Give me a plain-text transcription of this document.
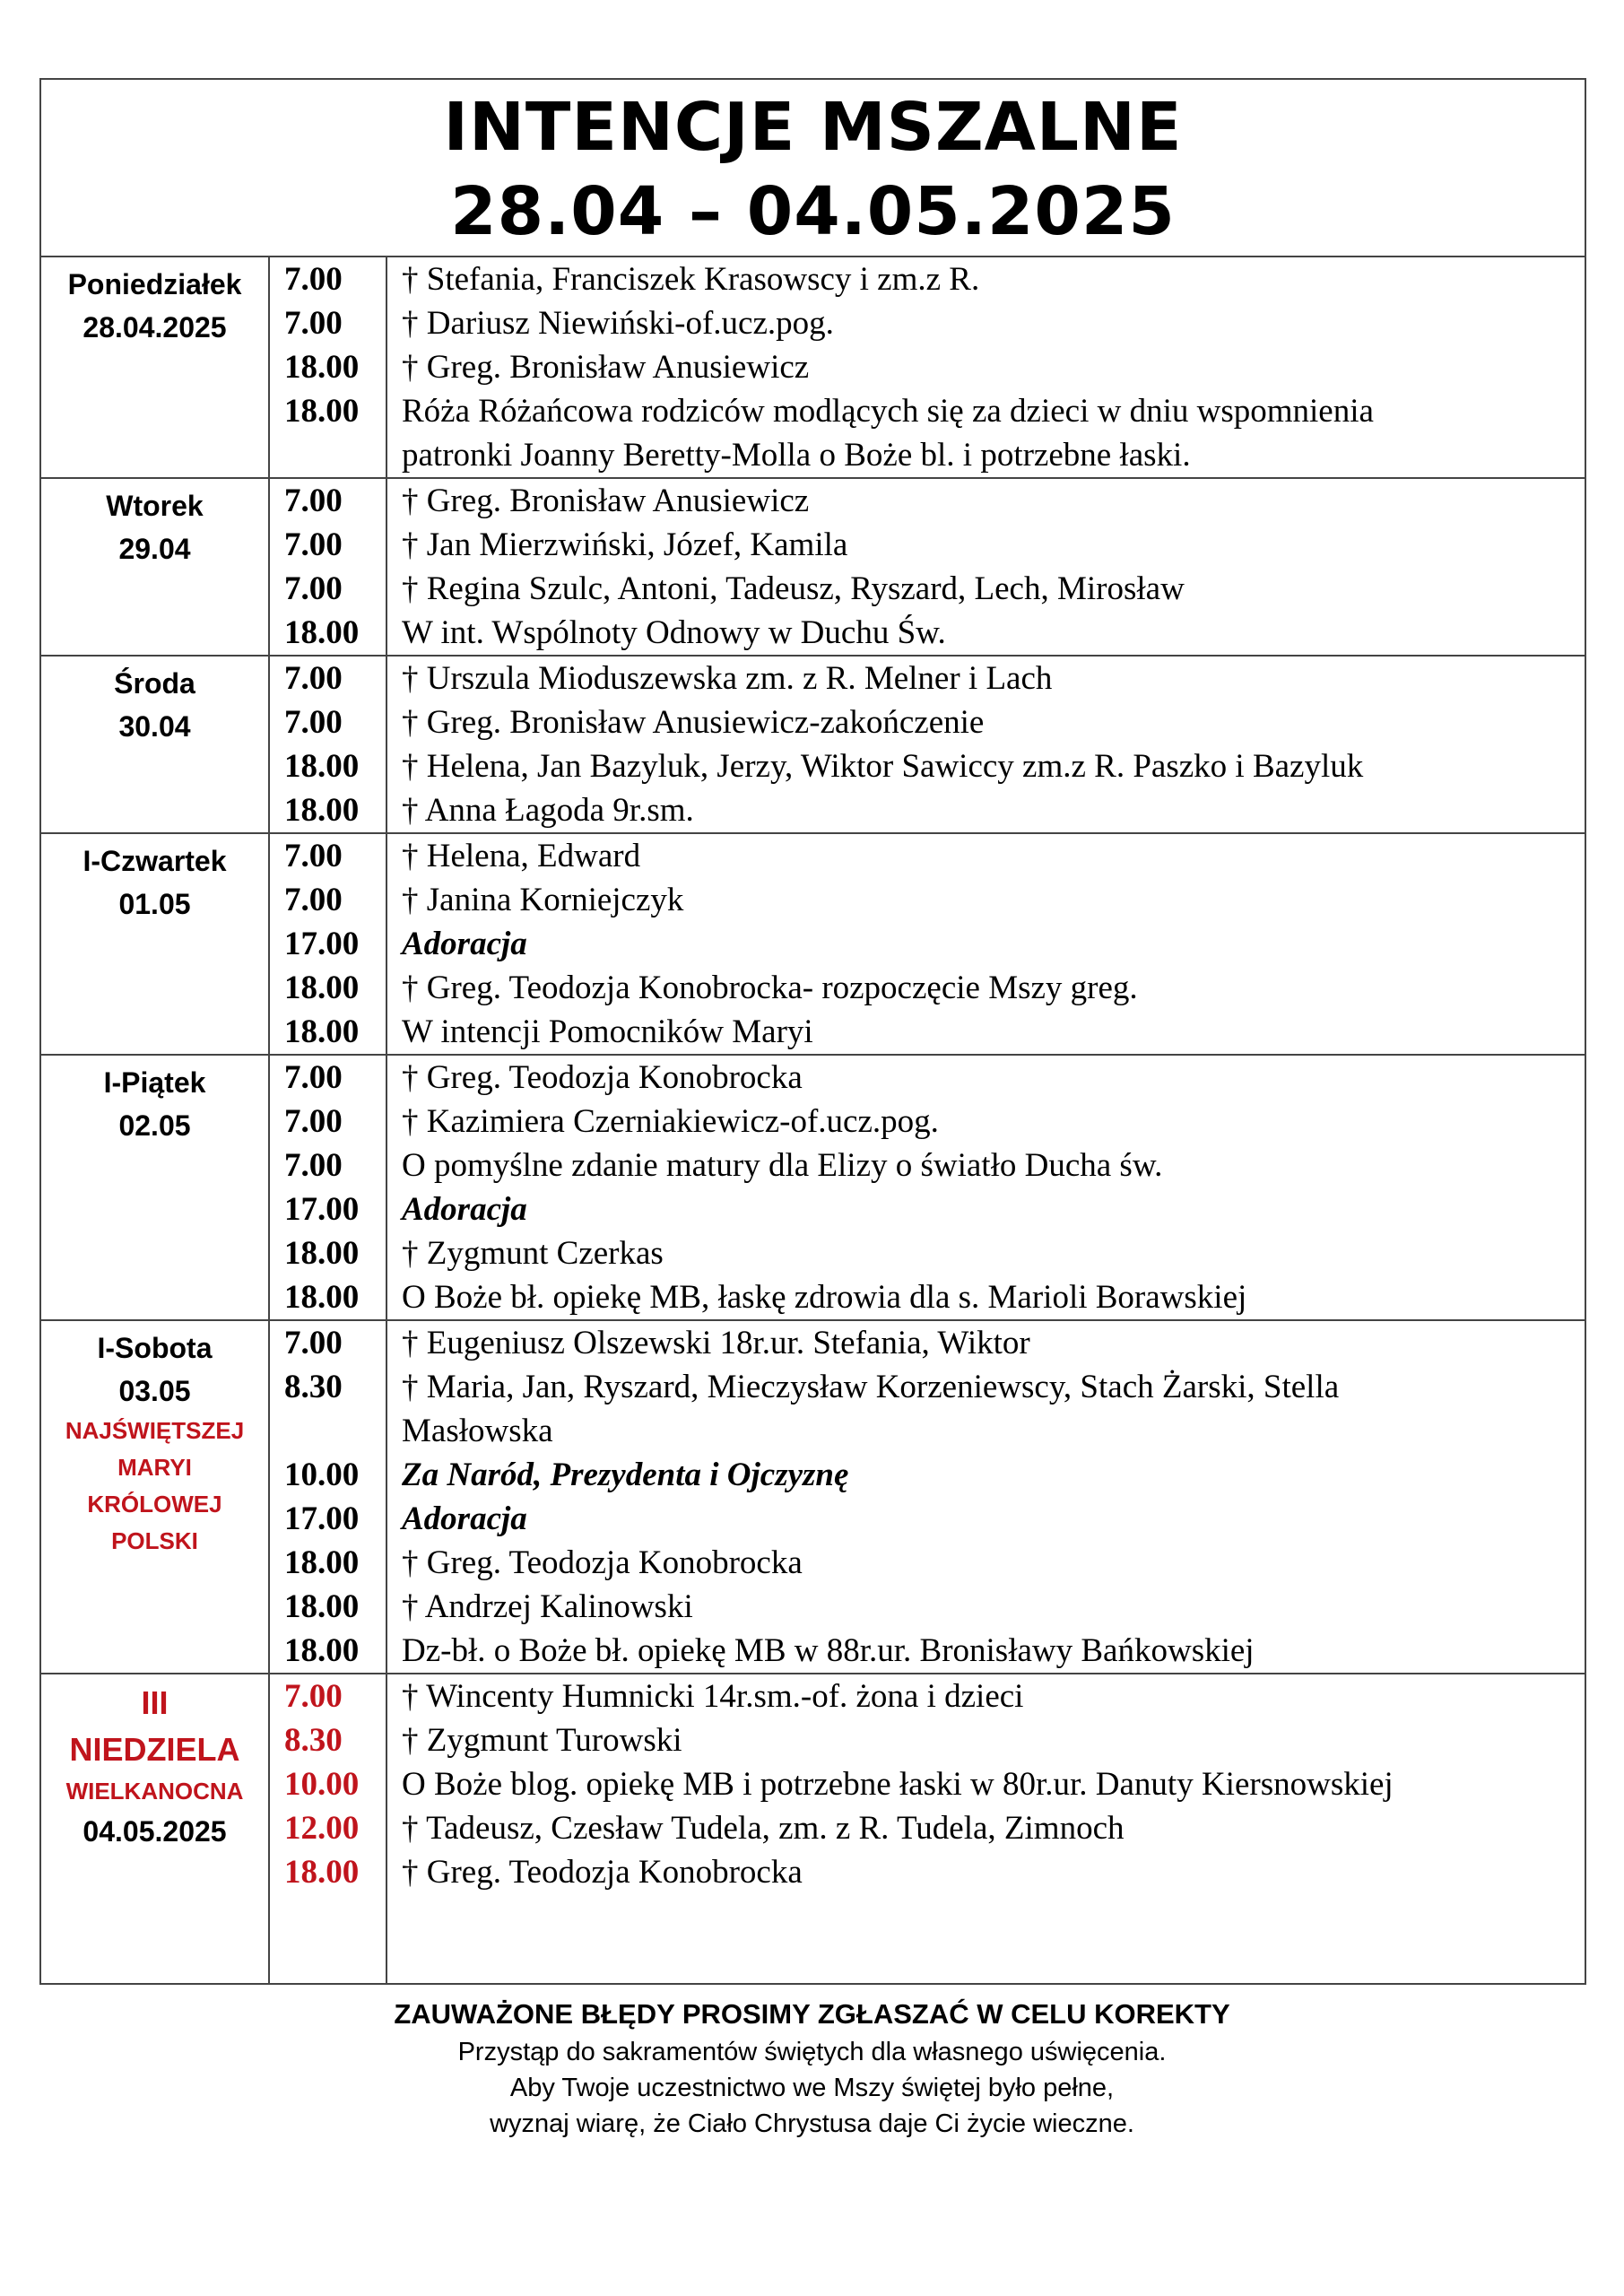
INTENCJE MSZALNE
28.04 – 04.05.2025
Poniedziałek
28.04.2025
7.00
7.00
18.00
18.00

† Stefania, Franciszek Krasowscy i zm.z R.
† Dariusz Niewiński-of.ucz.pog.
† Greg. Bronisław Anusiewicz
Róża Różańcowa rodziców modlących się za dzieci w dniu wspomnienia
patronki Joanny Beretty-Molla o Boże bl. i potrzebne łaski.
Wtorek
29.04
7.00
7.00
7.00
18.00
† Greg. Bronisław Anusiewicz
† Jan Mierzwiński, Józef, Kamila
† Regina Szulc, Antoni, Tadeusz, Ryszard, Lech, Mirosław
W int. Wspólnoty Odnowy w Duchu Św.
Środa
30.04
7.00
7.00
18.00
18.00
† Urszula Mioduszewska zm. z R. Melner i Lach
† Greg. Bronisław Anusiewicz-zakończenie
† Helena, Jan Bazyluk, Jerzy, Wiktor Sawiccy zm.z R. Paszko i Bazyluk
† Anna Łagoda 9r.sm.
I-Czwartek
01.05
7.00
7.00
17.00
18.00
18.00
† Helena, Edward
† Janina Korniejczyk
Adoracja
† Greg. Teodozja Konobrocka- rozpoczęcie Mszy greg.
W intencji Pomocników Maryi
I-Piątek
02.05
7.00
7.00
7.00
17.00
18.00
18.00
† Greg. Teodozja Konobrocka
† Kazimiera Czerniakiewicz-of.ucz.pog.
O pomyślne zdanie matury dla Elizy o światło Ducha św.
Adoracja
† Zygmunt Czerkas
O Boże bł. opiekę MB, łaskę zdrowia dla s. Marioli Borawskiej
I-Sobota
03.05
NAJŚWIĘTSZEJ
MARYI
KRÓLOWEJ
POLSKI
7.00
8.30

10.00
17.00
18.00
18.00
18.00
† Eugeniusz Olszewski 18r.ur. Stefania, Wiktor
† Maria, Jan, Ryszard, Mieczysław Korzeniewscy, Stach Żarski, Stella
Masłowska
Za Naród, Prezydenta i Ojczyznę
Adoracja
† Greg. Teodozja Konobrocka
† Andrzej Kalinowski
Dz-bł. o Boże bł. opiekę MB w 88r.ur. Bronisławy Bańkowskiej
III
NIEDZIELA
WIELKANOCNA
04.05.2025
7.00
8.30
10.00
12.00
18.00
† Wincenty Humnicki 14r.sm.-of. żona i dzieci
† Zygmunt Turowski
O Boże blog. opiekę MB i potrzebne łaski w 80r.ur. Danuty Kiersnowskiej
† Tadeusz, Czesław Tudela, zm. z R. Tudela, Zimnoch
† Greg. Teodozja Konobrocka
ZAUWAŻONE BŁĘDY PROSIMY ZGŁASZAĆ W CELU KOREKTY
Przystąp do sakramentów świętych dla własnego uświęcenia.
Aby Twoje uczestnictwo we Mszy świętej było pełne,
wyznaj wiarę, że Ciało Chrystusa daje Ci życie wieczne.
